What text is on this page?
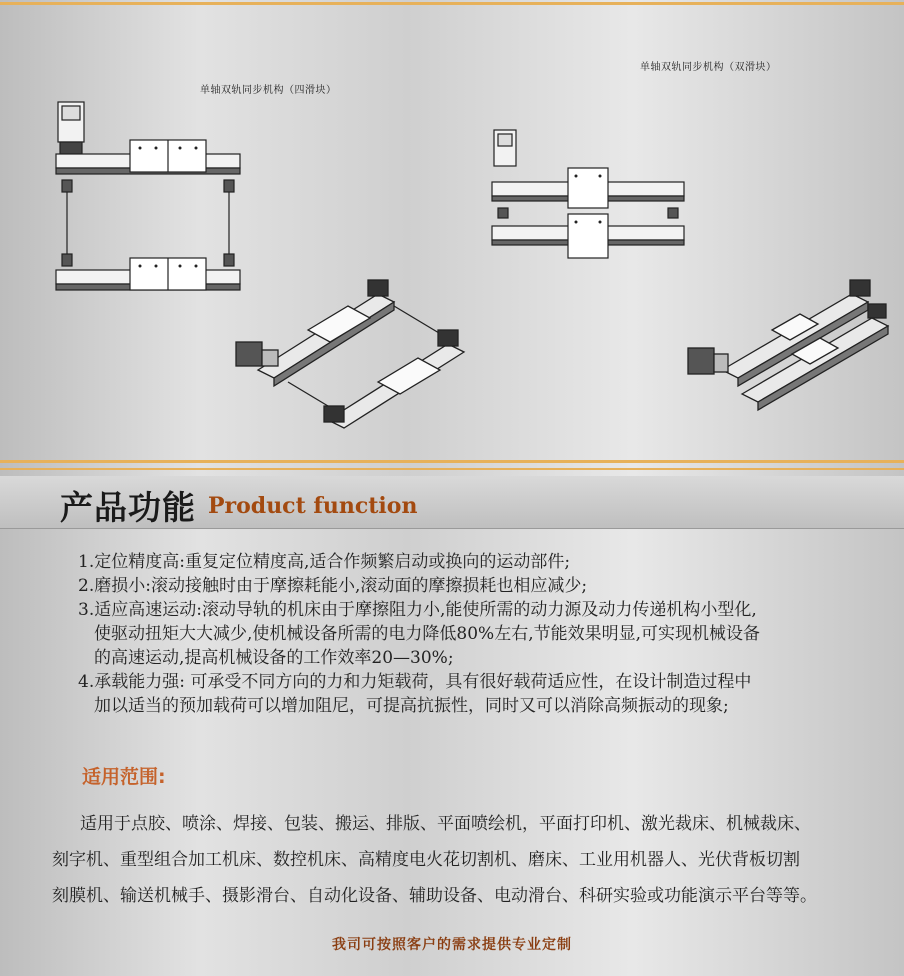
单轴双轨同步机构（四滑块）
单轴双轨同步机构（双滑块）
产品功能 Product function
1.定位精度高:重复定位精度高,适合作频繁启动或换向的运动部件;
2.磨损小:滚动接触时由于摩擦耗能小,滚动面的摩擦损耗也相应减少;
3.适应高速运动:滚动导轨的机床由于摩擦阻力小,能使所需的动力源及动力传递机构小型化,
使驱动扭矩大大减少,使机械设备所需的电力降低80%左右,节能效果明显,可实现机械设备
的高速运动,提高机械设备的工作效率20—30%;
4.承载能力强: 可承受不同方向的力和力矩载荷，具有很好载荷适应性，在设计制造过程中
加以适当的预加载荷可以增加阻尼，可提高抗振性，同时又可以消除高频振动的现象;
适用范围:
适用于点胶、喷涂、焊接、包装、搬运、排版、平面喷绘机，平面打印机、激光裁床、机械裁床、
刻字机、重型组合加工机床、数控机床、高精度电火花切割机、磨床、工业用机器人、光伏背板切割
刻膜机、输送机械手、摄影滑台、自动化设备、辅助设备、电动滑台、科研实验或功能演示平台等等。
我司可按照客户的需求提供专业定制
